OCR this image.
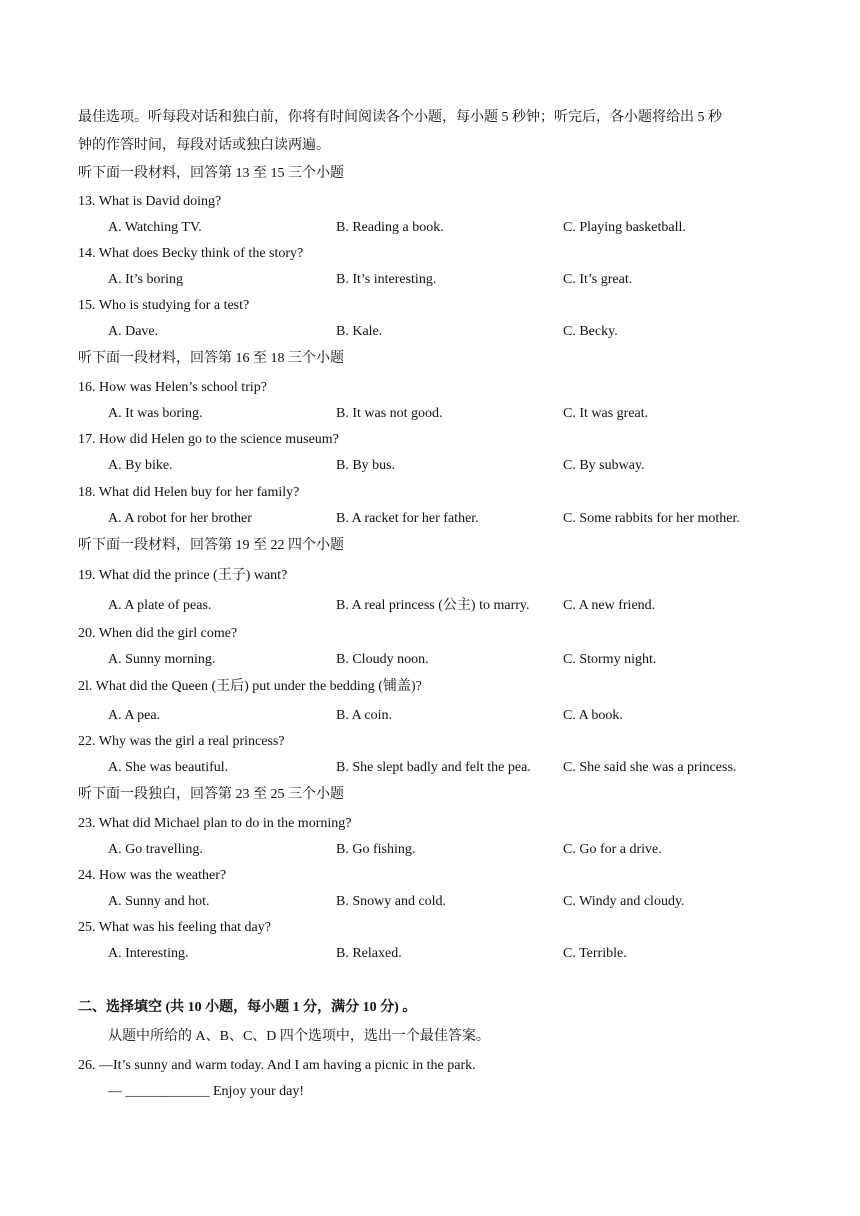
最佳选项。听每段对话和独白前，你将有时间阅读各个小题，每小题 5 秒钟；听完后，各小题将给出 5 秒
钟的作答时间，每段对话或独白读两遍。
听下面一段材料，回答第 13 至 15 三个小题
13. What is David doing?
A. Watching TV.	B. Reading a book.	C. Playing basketball.
14. What does Becky think of the story?
A. It’s boring	B. It’s interesting.	C. It’s great.
15. Who is studying for a test?
A. Dave.	B. Kale.	C. Becky.
听下面一段材料，回答第 16 至 18 三个小题
16. How was Helen’s school trip?
A. It was boring.	B. It was not good.	C. It was great.
17. How did Helen go to the science museum?
A. By bike.	B. By bus.	C. By subway.
18. What did Helen buy for her family?
A. A robot for her brother	B. A racket for her father.	C. Some rabbits for her mother.
听下面一段材料，回答第 19 至 22 四个小题
19. What did the prince (王子) want?
A. A plate of peas.	B. A real princess (公主) to marry. C. A new friend.
20. When did the girl come?
A. Sunny morning.	B. Cloudy noon.	C. Stormy night.
2l. What did the Queen (王后) put under the bedding (铺盖)?
A. A pea.	B. A coin.	C. A book.
22. Why was the girl a real princess?
A. She was beautiful.	B. She slept badly and felt the pea. C. She said she was a princess.
听下面一段独白，回答第 23 至 25 三个小题
23. What did Michael plan to do in the morning?
A. Go travelling.	B. Go fishing.	C. Go for a drive.
24. How was the weather?
A. Sunny and hot.	B. Snowy and cold.	C. Windy and cloudy.
25. What was his feeling that day?
A. Interesting.	B. Relaxed.	C. Terrible.
二、选择填空 (共 10 小题，每小题 1 分，满分 10 分) 。
从题中所给的 A、B、C、D 四个选项中，选出一个最佳答案。
26. —It’s sunny and warm today. And I am having a picnic in the park.
— ____________ Enjoy your day!
